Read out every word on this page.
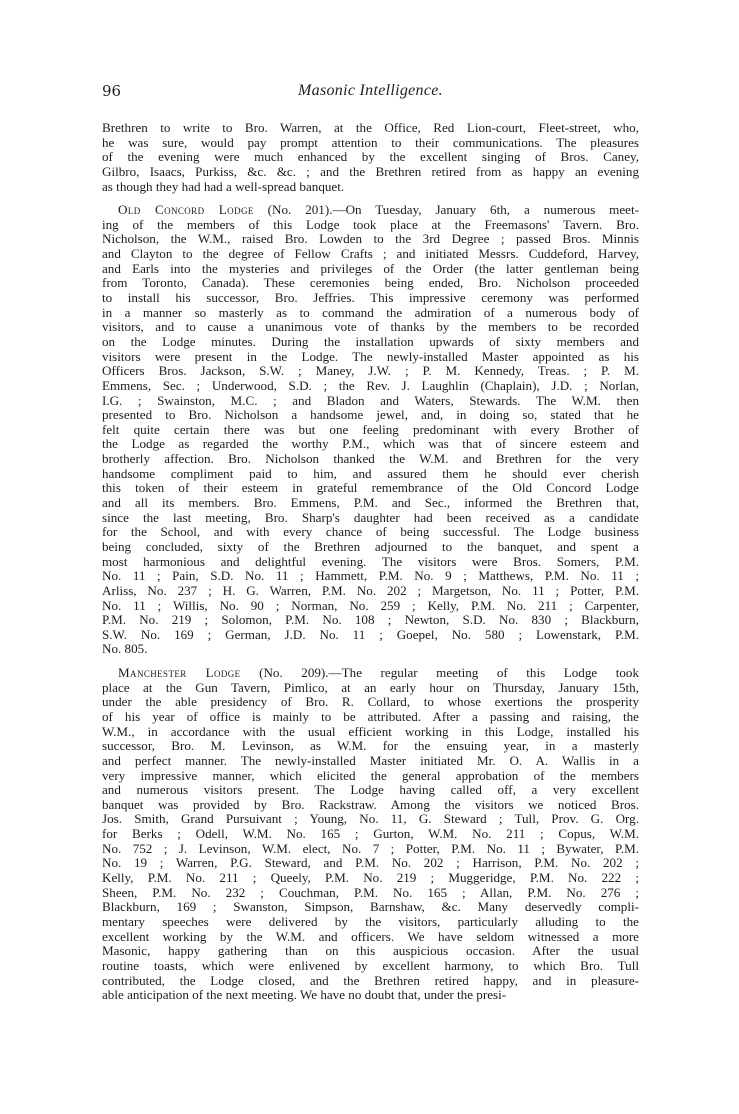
96	Masonic Intelligence.
Brethren to write to Bro. Warren, at the Office, Red Lion-court, Fleet-street, who,
he was sure, would pay prompt attention to their communications. The pleasures
of the evening were much enhanced by the excellent singing of Bros. Caney,
Gilbro, Isaacs, Purkiss, &c. &c. ; and the Brethren retired from as happy an evening
as though they had had a well-spread banquet.
Old Concord Lodge (No. 201).—On Tuesday, January 6th, a numerous meet-
ing of the members of this Lodge took place at the Freemasons' Tavern. Bro.
Nicholson, the W.M., raised Bro. Lowden to the 3rd Degree ; passed Bros. Minnis
and Clayton to the degree of Fellow Crafts ; and initiated Messrs. Cuddeford, Harvey,
and Earls into the mysteries and privileges of the Order (the latter gentleman being
from Toronto, Canada). These ceremonies being ended, Bro. Nicholson proceeded
to install his successor, Bro. Jeffries. This impressive ceremony was performed
in a manner so masterly as to command the admiration of a numerous body of
visitors, and to cause a unanimous vote of thanks by the members to be recorded
on the Lodge minutes. During the installation upwards of sixty members and
visitors were present in the Lodge. The newly-installed Master appointed as his
Officers Bros. Jackson, S.W. ; Maney, J.W. ; P. M. Kennedy, Treas. ; P. M.
Emmens, Sec. ; Underwood, S.D. ; the Rev. J. Laughlin (Chaplain), J.D. ; Norlan,
I.G. ; Swainston, M.C. ; and Bladon and Waters, Stewards. The W.M. then
presented to Bro. Nicholson a handsome jewel, and, in doing so, stated that he
felt quite certain there was but one feeling predominant with every Brother of
the Lodge as regarded the worthy P.M., which was that of sincere esteem and
brotherly affection. Bro. Nicholson thanked the W.M. and Brethren for the very
handsome compliment paid to him, and assured them he should ever cherish
this token of their esteem in grateful remembrance of the Old Concord Lodge
and all its members. Bro. Emmens, P.M. and Sec., informed the Brethren that,
since the last meeting, Bro. Sharp's daughter had been received as a candidate
for the School, and with every chance of being successful. The Lodge business
being concluded, sixty of the Brethren adjourned to the banquet, and spent a
most harmonious and delightful evening. The visitors were Bros. Somers, P.M.
No. 11 ; Pain, S.D. No. 11 ; Hammett, P.M. No. 9 ; Matthews, P.M. No. 11 ;
Arliss, No. 237 ; H. G. Warren, P.M. No. 202 ; Margetson, No. 11 ; Potter, P.M.
No. 11 ; Willis, No. 90 ; Norman, No. 259 ; Kelly, P.M. No. 211 ; Carpenter,
P.M. No. 219 ; Solomon, P.M. No. 108 ; Newton, S.D. No. 830 ; Blackburn,
S.W. No. 169 ; German, J.D. No. 11 ; Goepel, No. 580 ; Lowenstark, P.M.
No. 805.
Manchester Lodge (No. 209).—The regular meeting of this Lodge took
place at the Gun Tavern, Pimlico, at an early hour on Thursday, January 15th,
under the able presidency of Bro. R. Collard, to whose exertions the prosperity
of his year of office is mainly to be attributed. After a passing and raising, the
W.M., in accordance with the usual efficient working in this Lodge, installed his
successor, Bro. M. Levinson, as W.M. for the ensuing year, in a masterly
and perfect manner. The newly-installed Master initiated Mr. O. A. Wallis in a
very impressive manner, which elicited the general approbation of the members
and numerous visitors present. The Lodge having called off, a very excellent
banquet was provided by Bro. Rackstraw. Among the visitors we noticed Bros.
Jos. Smith, Grand Pursuivant ; Young, No. 11, G. Steward ; Tull, Prov. G. Org.
for Berks ; Odell, W.M. No. 165 ; Gurton, W.M. No. 211 ; Copus, W.M.
No. 752 ; J. Levinson, W.M. elect, No. 7 ; Potter, P.M. No. 11 ; Bywater, P.M.
No. 19 ; Warren, P.G. Steward, and P.M. No. 202 ; Harrison, P.M. No. 202 ;
Kelly, P.M. No. 211 ; Queely, P.M. No. 219 ; Muggeridge, P.M. No. 222 ;
Sheen, P.M. No. 232 ; Couchman, P.M. No. 165 ; Allan, P.M. No. 276 ;
Blackburn, 169 ; Swanston, Simpson, Barnshaw, &c. Many deservedly compli-
mentary speeches were delivered by the visitors, particularly alluding to the
excellent working by the W.M. and officers. We have seldom witnessed a more
Masonic, happy gathering than on this auspicious occasion. After the usual
routine toasts, which were enlivened by excellent harmony, to which Bro. Tull
contributed, the Lodge closed, and the Brethren retired happy, and in pleasure-
able anticipation of the next meeting. We have no doubt that, under the presi-
